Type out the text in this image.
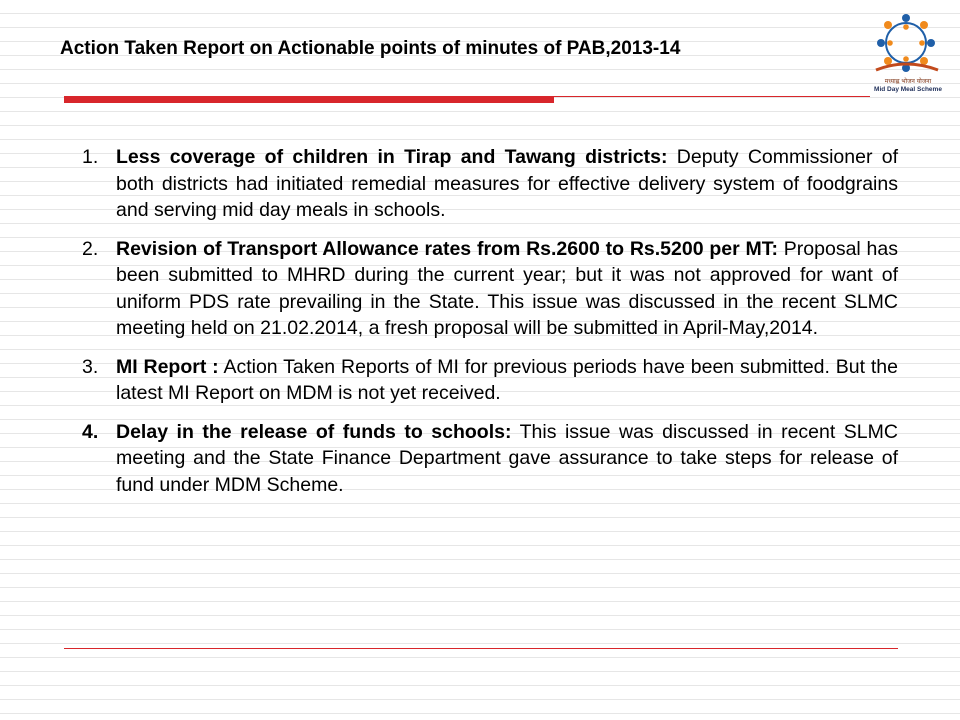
Action Taken Report on Actionable points of minutes of PAB,2013-14
मध्याह्न भोजन योजना
Mid Day Meal Scheme
1. Less coverage of children in Tirap and Tawang districts: Deputy Commissioner of both districts had initiated remedial measures for effective delivery system of foodgrains and serving mid day meals in schools.
2. Revision of Transport Allowance rates from Rs.2600 to Rs.5200 per MT: Proposal has been submitted to MHRD during the current year; but it was not approved for want of uniform PDS rate prevailing in the State. This issue was discussed in the recent SLMC meeting held on 21.02.2014, a fresh proposal will be submitted in April-May,2014.
3. MI Report : Action Taken Reports of MI for previous periods have been submitted. But the latest MI Report on MDM is not yet received.
4. Delay in the release of funds to schools: This issue was discussed in recent SLMC meeting and the State Finance Department gave assurance to take steps for release of fund under MDM Scheme.
